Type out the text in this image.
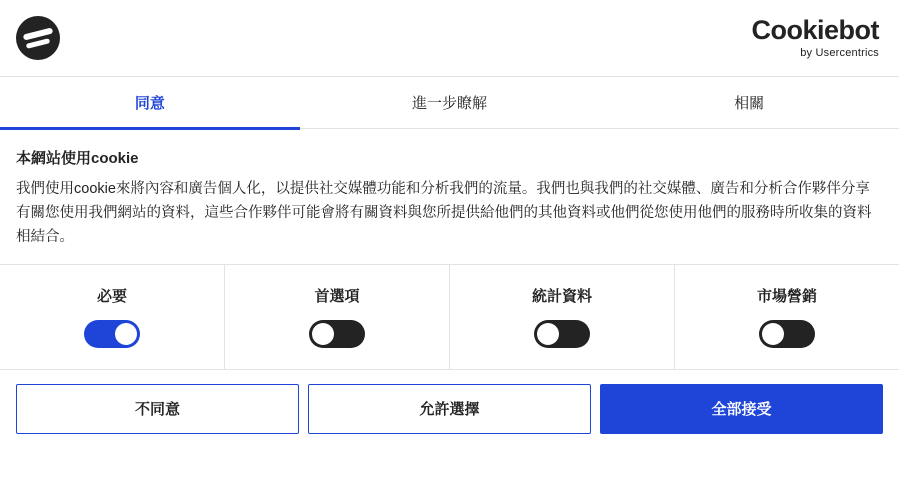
Cookiebot
by Usercentrics
同意	進一步瞭解	相關
本網站使用cookie

我們使用cookie來將內容和廣告個人化，以提供社交媒體功能和分析我們的流量。我們也與我們的社交媒體、廣告和分析合作夥伴分享有關您使用我們網站的資料，這些合作夥伴可能會將有關資料與您所提供給他們的其他資料或他們從您使用他們的服務時所收集的資料相結合。

必要	首選項	統計資料	市場營銷
不同意	允許選擇	全部接受
